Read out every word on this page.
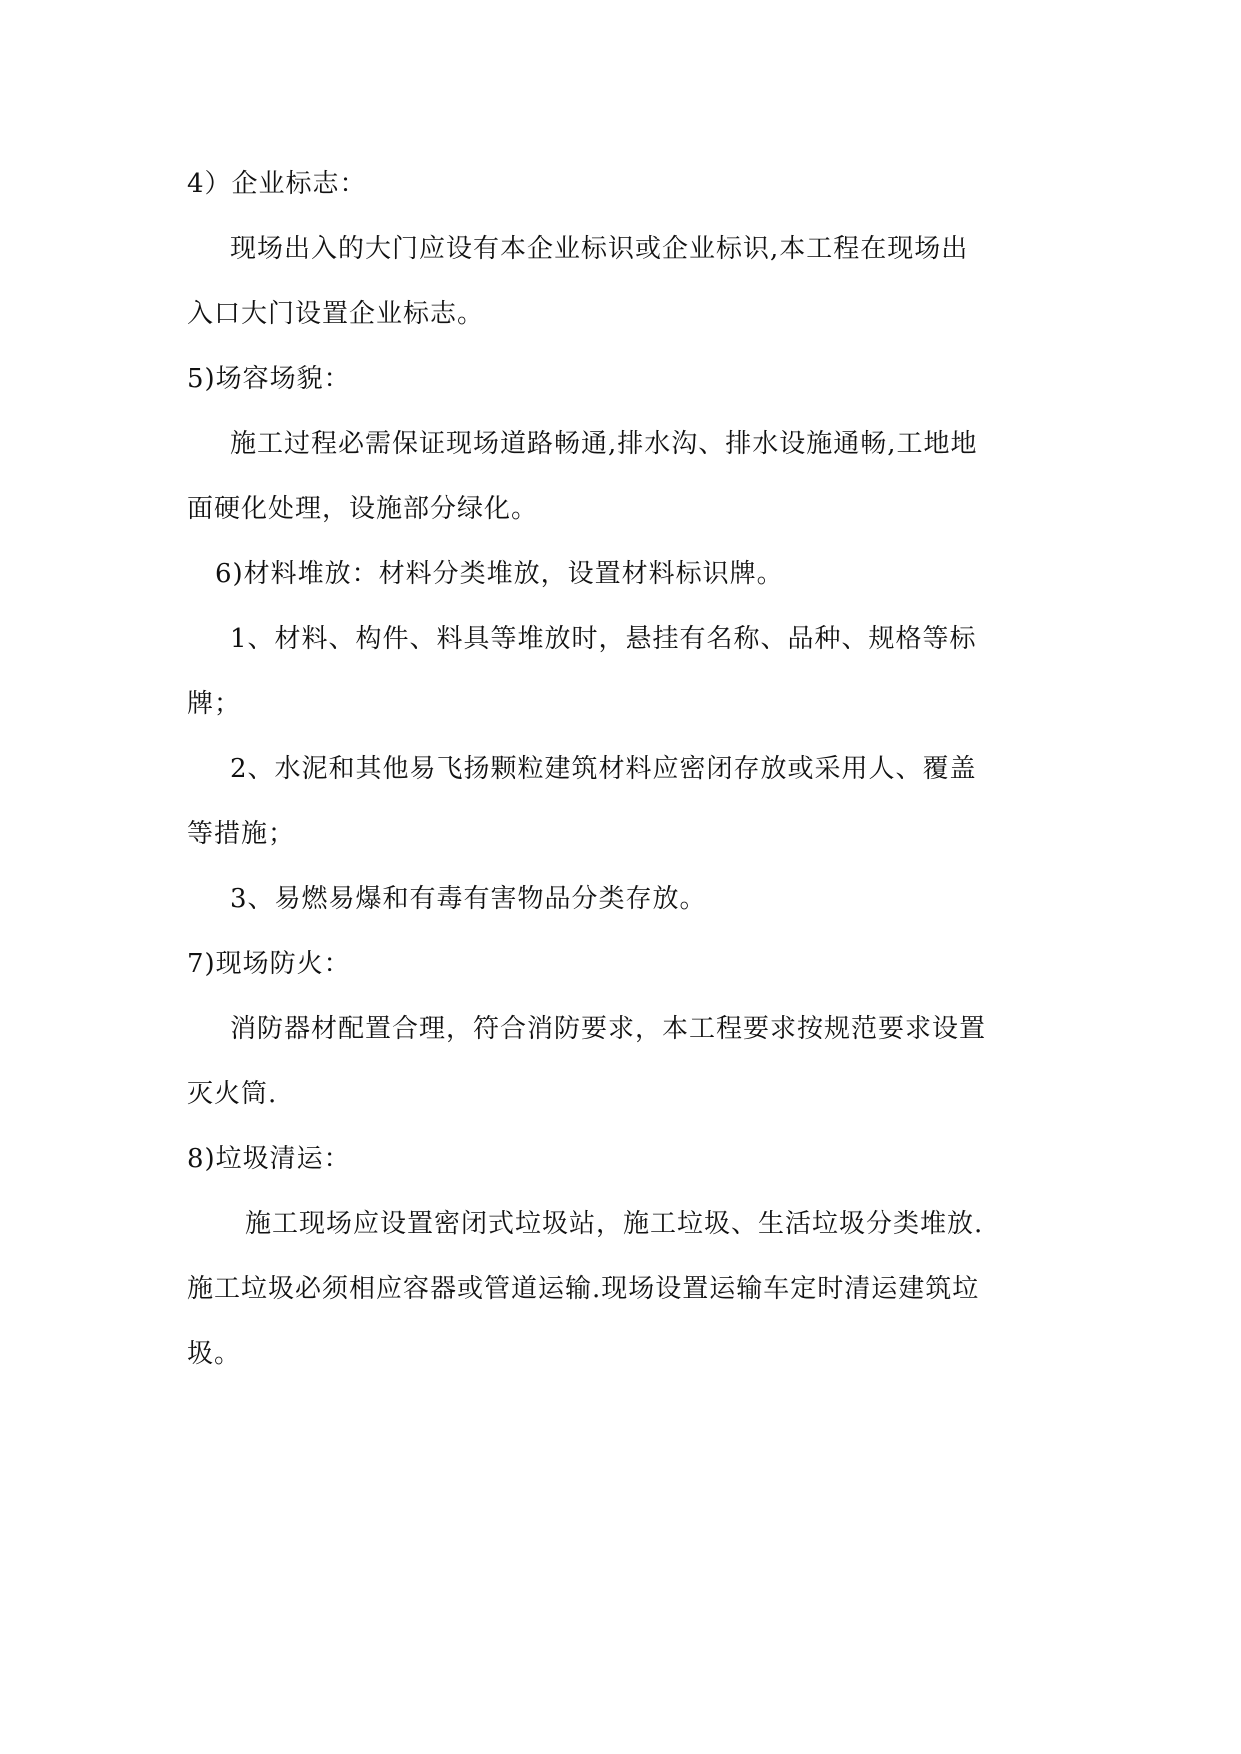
4）企业标志：

现场出入的大门应设有本企业标识或企业标识,本工程在现场出

入口大门设置企业标志。

5)场容场貌：

施工过程必需保证现场道路畅通,排水沟、排水设施通畅,工地地

面硬化处理，设施部分绿化。

6)材料堆放：材料分类堆放，设置材料标识牌。

1、材料、构件、料具等堆放时，悬挂有名称、品种、规格等标

牌；

2、水泥和其他易飞扬颗粒建筑材料应密闭存放或采用人、覆盖

等措施；

3、易燃易爆和有毒有害物品分类存放。

7)现场防火：

消防器材配置合理，符合消防要求，本工程要求按规范要求设置

灭火筒.

8)垃圾清运：

施工现场应设置密闭式垃圾站，施工垃圾、生活垃圾分类堆放.

施工垃圾必须相应容器或管道运输.现场设置运输车定时清运建筑垃

圾。
